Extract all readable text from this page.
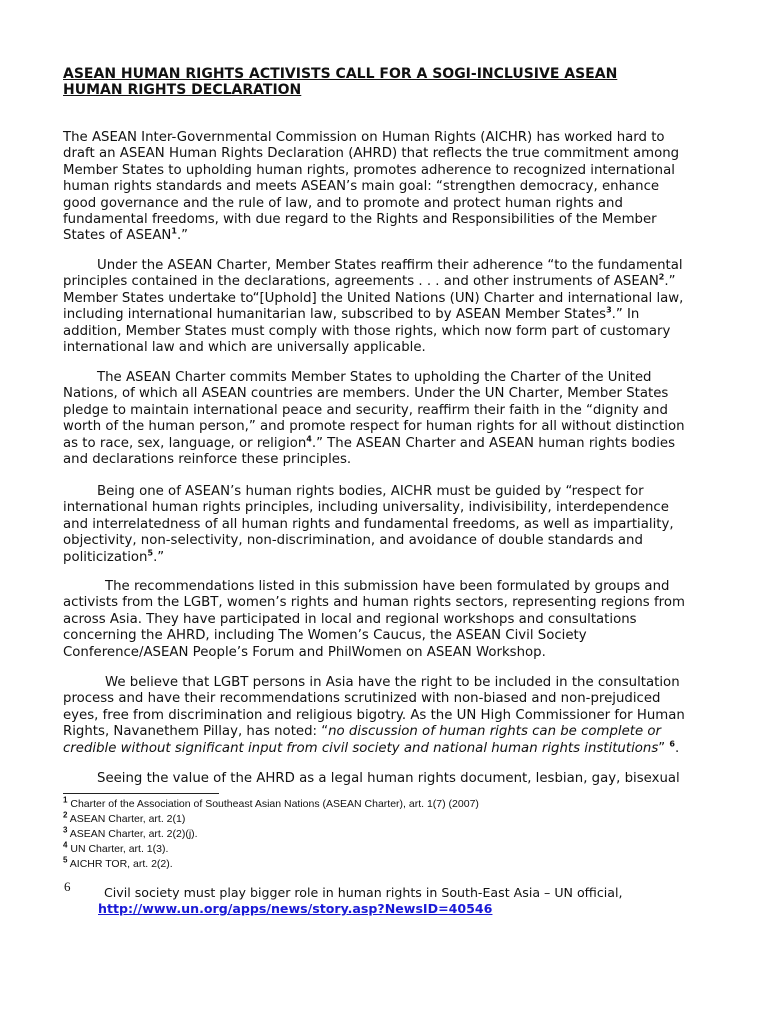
ASEAN HUMAN RIGHTS ACTIVISTS CALL FOR A SOGI-INCLUSIVE ASEAN
HUMAN RIGHTS DECLARATION

The ASEAN Inter-Governmental Commission on Human Rights (AICHR) has worked hard to

draft an ASEAN Human Rights Declaration (AHRD) that reflects the true commitment among

Member States to upholding human rights, promotes adherence to recognized international

human rights standards and meets ASEAN’s main goal: “strengthen democracy, enhance

good governance and the rule of law, and to promote and protect human rights and

fundamental freedoms, with due regard to the Rights and Responsibilities of the Member

States of ASEAN$^1$.”

Under the ASEAN Charter, Member States reaffirm their adherence “to the fundamental

principles contained in the declarations, agreements . . . and other instruments of ASEAN$^2$.”

Member States undertake to“[Uphold] the United Nations (UN) Charter and international law,

including international humanitarian law, subscribed to by ASEAN Member States$^3$.” In

addition, Member States must comply with those rights, which now form part of customary

international law and which are universally applicable.

The ASEAN Charter commits Member States to upholding the Charter of the United

Nations, of which all ASEAN countries are members. Under the UN Charter, Member States

pledge to maintain international peace and security, reaffirm their faith in the “dignity and

worth of the human person,” and promote respect for human rights for all without distinction

as to race, sex, language, or religion$^4$.” The ASEAN Charter and ASEAN human rights bodies

and declarations reinforce these principles.

Being one of ASEAN’s human rights bodies, AICHR must be guided by “respect for

international human rights principles, including universality, indivisibility, interdependence

and interrelatedness of all human rights and fundamental freedoms, as well as impartiality,

objectivity, non-selectivity, non-discrimination, and avoidance of double standards and

politicization$^5$.”

The recommendations listed in this submission have been formulated by groups and

activists from the LGBT, women’s rights and human rights sectors, representing regions from

across Asia. They have participated in local and regional workshops and consultations

concerning the AHRD, including The Women’s Caucus, the ASEAN Civil Society

Conference/ASEAN People’s Forum and PhilWomen on ASEAN Workshop.

We believe that LGBT persons in Asia have the right to be included in the consultation

process and have their recommendations scrutinized with non-biased and non-prejudiced

eyes, free from discrimination and religious bigotry. As the UN High Commissioner for Human

Rights, Navanethem Pillay, has noted: “no discussion of human rights can be complete or

credible without significant input from civil society and national human rights institutions” $^6$.

Seeing the value of the AHRD as a legal human rights document, lesbian, gay, bisexual

$^1$ Charter of the Association of Southeast Asian Nations (ASEAN Charter), art. 1(7) (2007)
$^2$ ASEAN Charter, art. 2(1)
$^3$ ASEAN Charter, art. 2(2)(j).
$^4$ UN Charter, art. 1(3).
$^5$ AICHR TOR, art. 2(2).
6	Civil society must play bigger role in human rights in South-East Asia – UN official,
http://www.un.org/apps/news/story.asp?NewsID=40546
